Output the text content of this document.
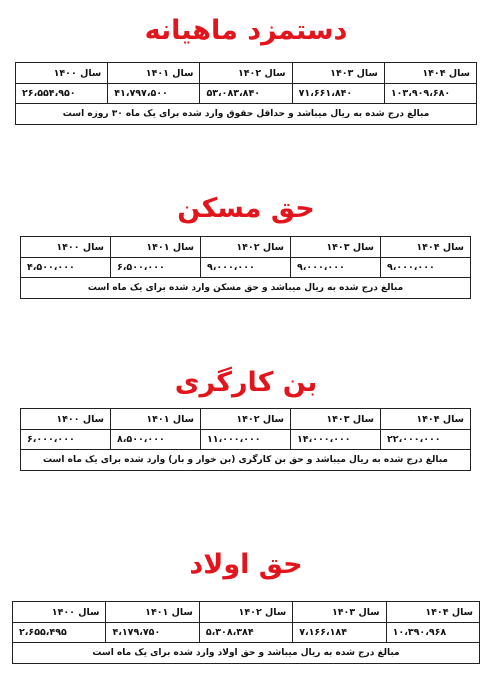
دستمزد ماهیانه
سال ۱۴۰۴	سال ۱۴۰۳	سال ۱۴۰۲	سال ۱۴۰۱	سال ۱۴۰۰
۱۰۳،۹۰۹،۶۸۰	۷۱،۶۶۱،۸۴۰	۵۳،۰۸۳،۸۴۰	۴۱،۷۹۷،۵۰۰	۲۶،۵۵۴،۹۵۰
مبالغ درج شده به ریال میباشد و حداقل حقوق وارد شده برای یک ماه ۳۰ روزه است				
حق مسکن
سال ۱۴۰۴	سال ۱۴۰۳	سال ۱۴۰۲	سال ۱۴۰۱	سال ۱۴۰۰
۹،۰۰۰،۰۰۰	۹،۰۰۰،۰۰۰	۹،۰۰۰،۰۰۰	۶،۵۰۰،۰۰۰	۴،۵۰۰،۰۰۰
مبالغ درج شده به ریال میباشد و حق مسکن وارد شده برای یک ماه است				
بن کارگری
سال ۱۴۰۴	سال ۱۴۰۳	سال ۱۴۰۲	سال ۱۴۰۱	سال ۱۴۰۰
۲۲،۰۰۰،۰۰۰	۱۴،۰۰۰،۰۰۰	۱۱،۰۰۰،۰۰۰	۸،۵۰۰،۰۰۰	۶،۰۰۰،۰۰۰
مبالغ درج شده به ریال میباشد و حق بن کارگری (بن خوار و بار) وارد شده برای یک ماه است				
حق اولاد
سال ۱۴۰۴	سال ۱۴۰۳	سال ۱۴۰۲	سال ۱۴۰۱	سال ۱۴۰۰
۱۰،۳۹۰،۹۶۸	۷،۱۶۶،۱۸۴	۵،۳۰۸،۳۸۴	۴،۱۷۹،۷۵۰	۲،۶۵۵،۴۹۵
مبالغ درج شده به ریال میباشد و حق اولاد وارد شده برای یک ماه است				
